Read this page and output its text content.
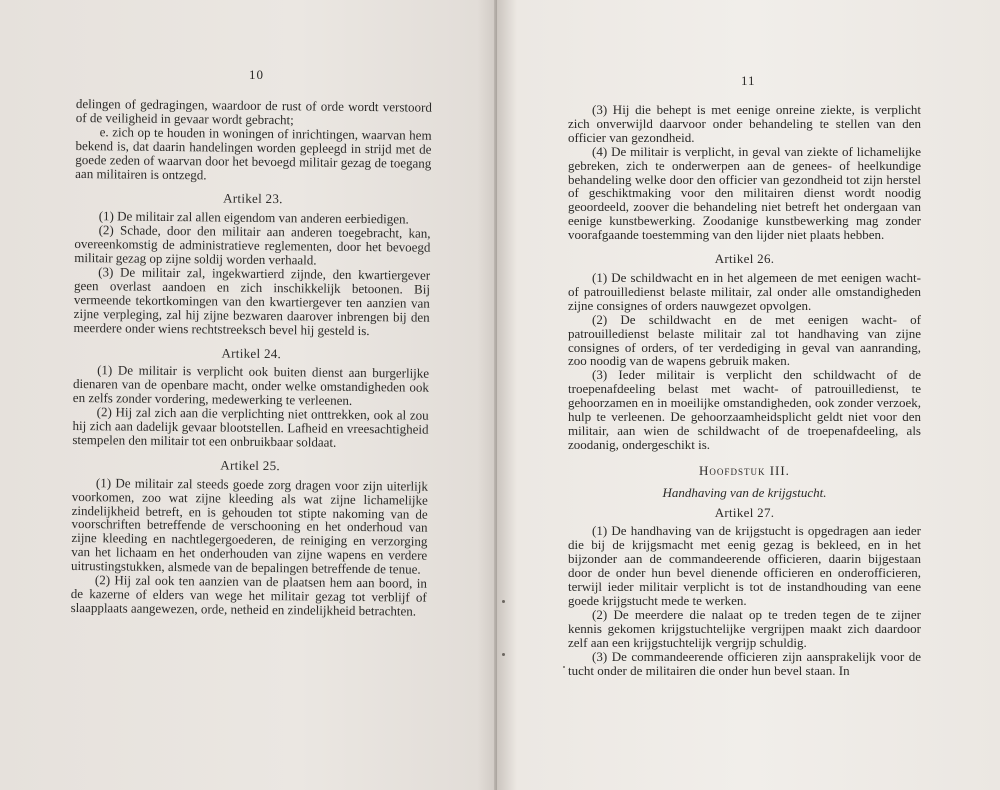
10

delingen of gedragingen, waardoor de rust of orde wordt verstoord of de veiligheid in gevaar wordt gebracht;

e. zich op te houden in woningen of inrichtingen, waarvan hem bekend is, dat daarin handelingen worden gepleegd in strijd met de goede zeden of waarvan door het bevoegd militair gezag de toegang aan militairen is ontzegd.

Artikel 23.

(1) De militair zal allen eigendom van anderen eerbiedigen.

(2) Schade, door den militair aan anderen toegebracht, kan, overeenkomstig de administratieve reglementen, door het bevoegd militair gezag op zijne soldij worden verhaald.

(3) De militair zal, ingekwartierd zijnde, den kwartiergever geen overlast aandoen en zich inschikkelijk betoonen. Bij vermeende tekortkomingen van den kwartiergever ten aanzien van zijne verpleging, zal hij zijne bezwaren daarover inbrengen bij den meerdere onder wiens rechtstreeksch bevel hij gesteld is.

Artikel 24.

(1) De militair is verplicht ook buiten dienst aan burgerlijke dienaren van de openbare macht, onder welke omstandigheden ook en zelfs zonder vordering, medewerking te verleenen.

(2) Hij zal zich aan die verplichting niet onttrekken, ook al zou hij zich aan dadelijk gevaar blootstellen. Lafheid en vreesachtigheid stempelen den militair tot een onbruikbaar soldaat.

Artikel 25.

(1) De militair zal steeds goede zorg dragen voor zijn uiterlijk voorkomen, zoo wat zijne kleeding als wat zijne lichamelijke zindelijkheid betreft, en is gehouden tot stipte nakoming van de voorschriften betreffende de verschooning en het onderhoud van zijne kleeding en nachtlegergoederen, de reiniging en verzorging van het lichaam en het onderhouden van zijne wapens en verdere uitrustingstukken, alsmede van de bepalingen betreffende de tenue.

(2) Hij zal ook ten aanzien van de plaatsen hem aan boord, in de kazerne of elders van wege het militair gezag tot verblijf of slaapplaats aangewezen, orde, netheid en zindelijkheid betrachten.

11

(3) Hij die behept is met eenige onreine ziekte, is verplicht zich onverwijld daarvoor onder behandeling te stellen van den officier van gezondheid.

(4) De militair is verplicht, in geval van ziekte of lichamelijke gebreken, zich te onderwerpen aan de genees- of heelkundige behandeling welke door den officier van gezondheid tot zijn herstel of geschiktmaking voor den militairen dienst wordt noodig geoordeeld, zoover die behandeling niet betreft het ondergaan van eenige kunstbewerking. Zoodanige kunstbewerking mag zonder voorafgaande toestemming van den lijder niet plaats hebben.

Artikel 26.

(1) De schildwacht en in het algemeen de met eenigen wacht- of patrouilledienst belaste militair, zal onder alle omstandigheden zijne consignes of orders nauwgezet opvolgen.

(2) De schildwacht en de met eenigen wacht- of patrouilledienst belaste militair zal tot handhaving van zijne consignes of orders, of ter verdediging in geval van aanranding, zoo noodig van de wapens gebruik maken.

(3) Ieder militair is verplicht den schildwacht of de troepenafdeeling belast met wacht- of patrouilledienst, te gehoorzamen en in moeilijke omstandigheden, ook zonder verzoek, hulp te verleenen. De gehoorzaamheidsplicht geldt niet voor den militair, aan wien de schildwacht of de troepenafdeeling, als zoodanig, ondergeschikt is.

Hoofdstuk III.

Handhaving van de krijgstucht.

Artikel 27.

(1) De handhaving van de krijgstucht is opgedragen aan ieder die bij de krijgsmacht met eenig gezag is bekleed, en in het bijzonder aan de commandeerende officieren, daarin bijgestaan door de onder hun bevel dienende officieren en onderofficieren, terwijl ieder militair verplicht is tot de instandhouding van eene goede krijgstucht mede te werken.

(2) De meerdere die nalaat op te treden tegen de te zijner kennis gekomen krijgstuchtelijke vergrijpen maakt zich daardoor zelf aan een krijgstuchtelijk vergrijp schuldig.

(3) De commandeerende officieren zijn aansprakelijk voor de tucht onder de militairen die onder hun bevel staan. In
